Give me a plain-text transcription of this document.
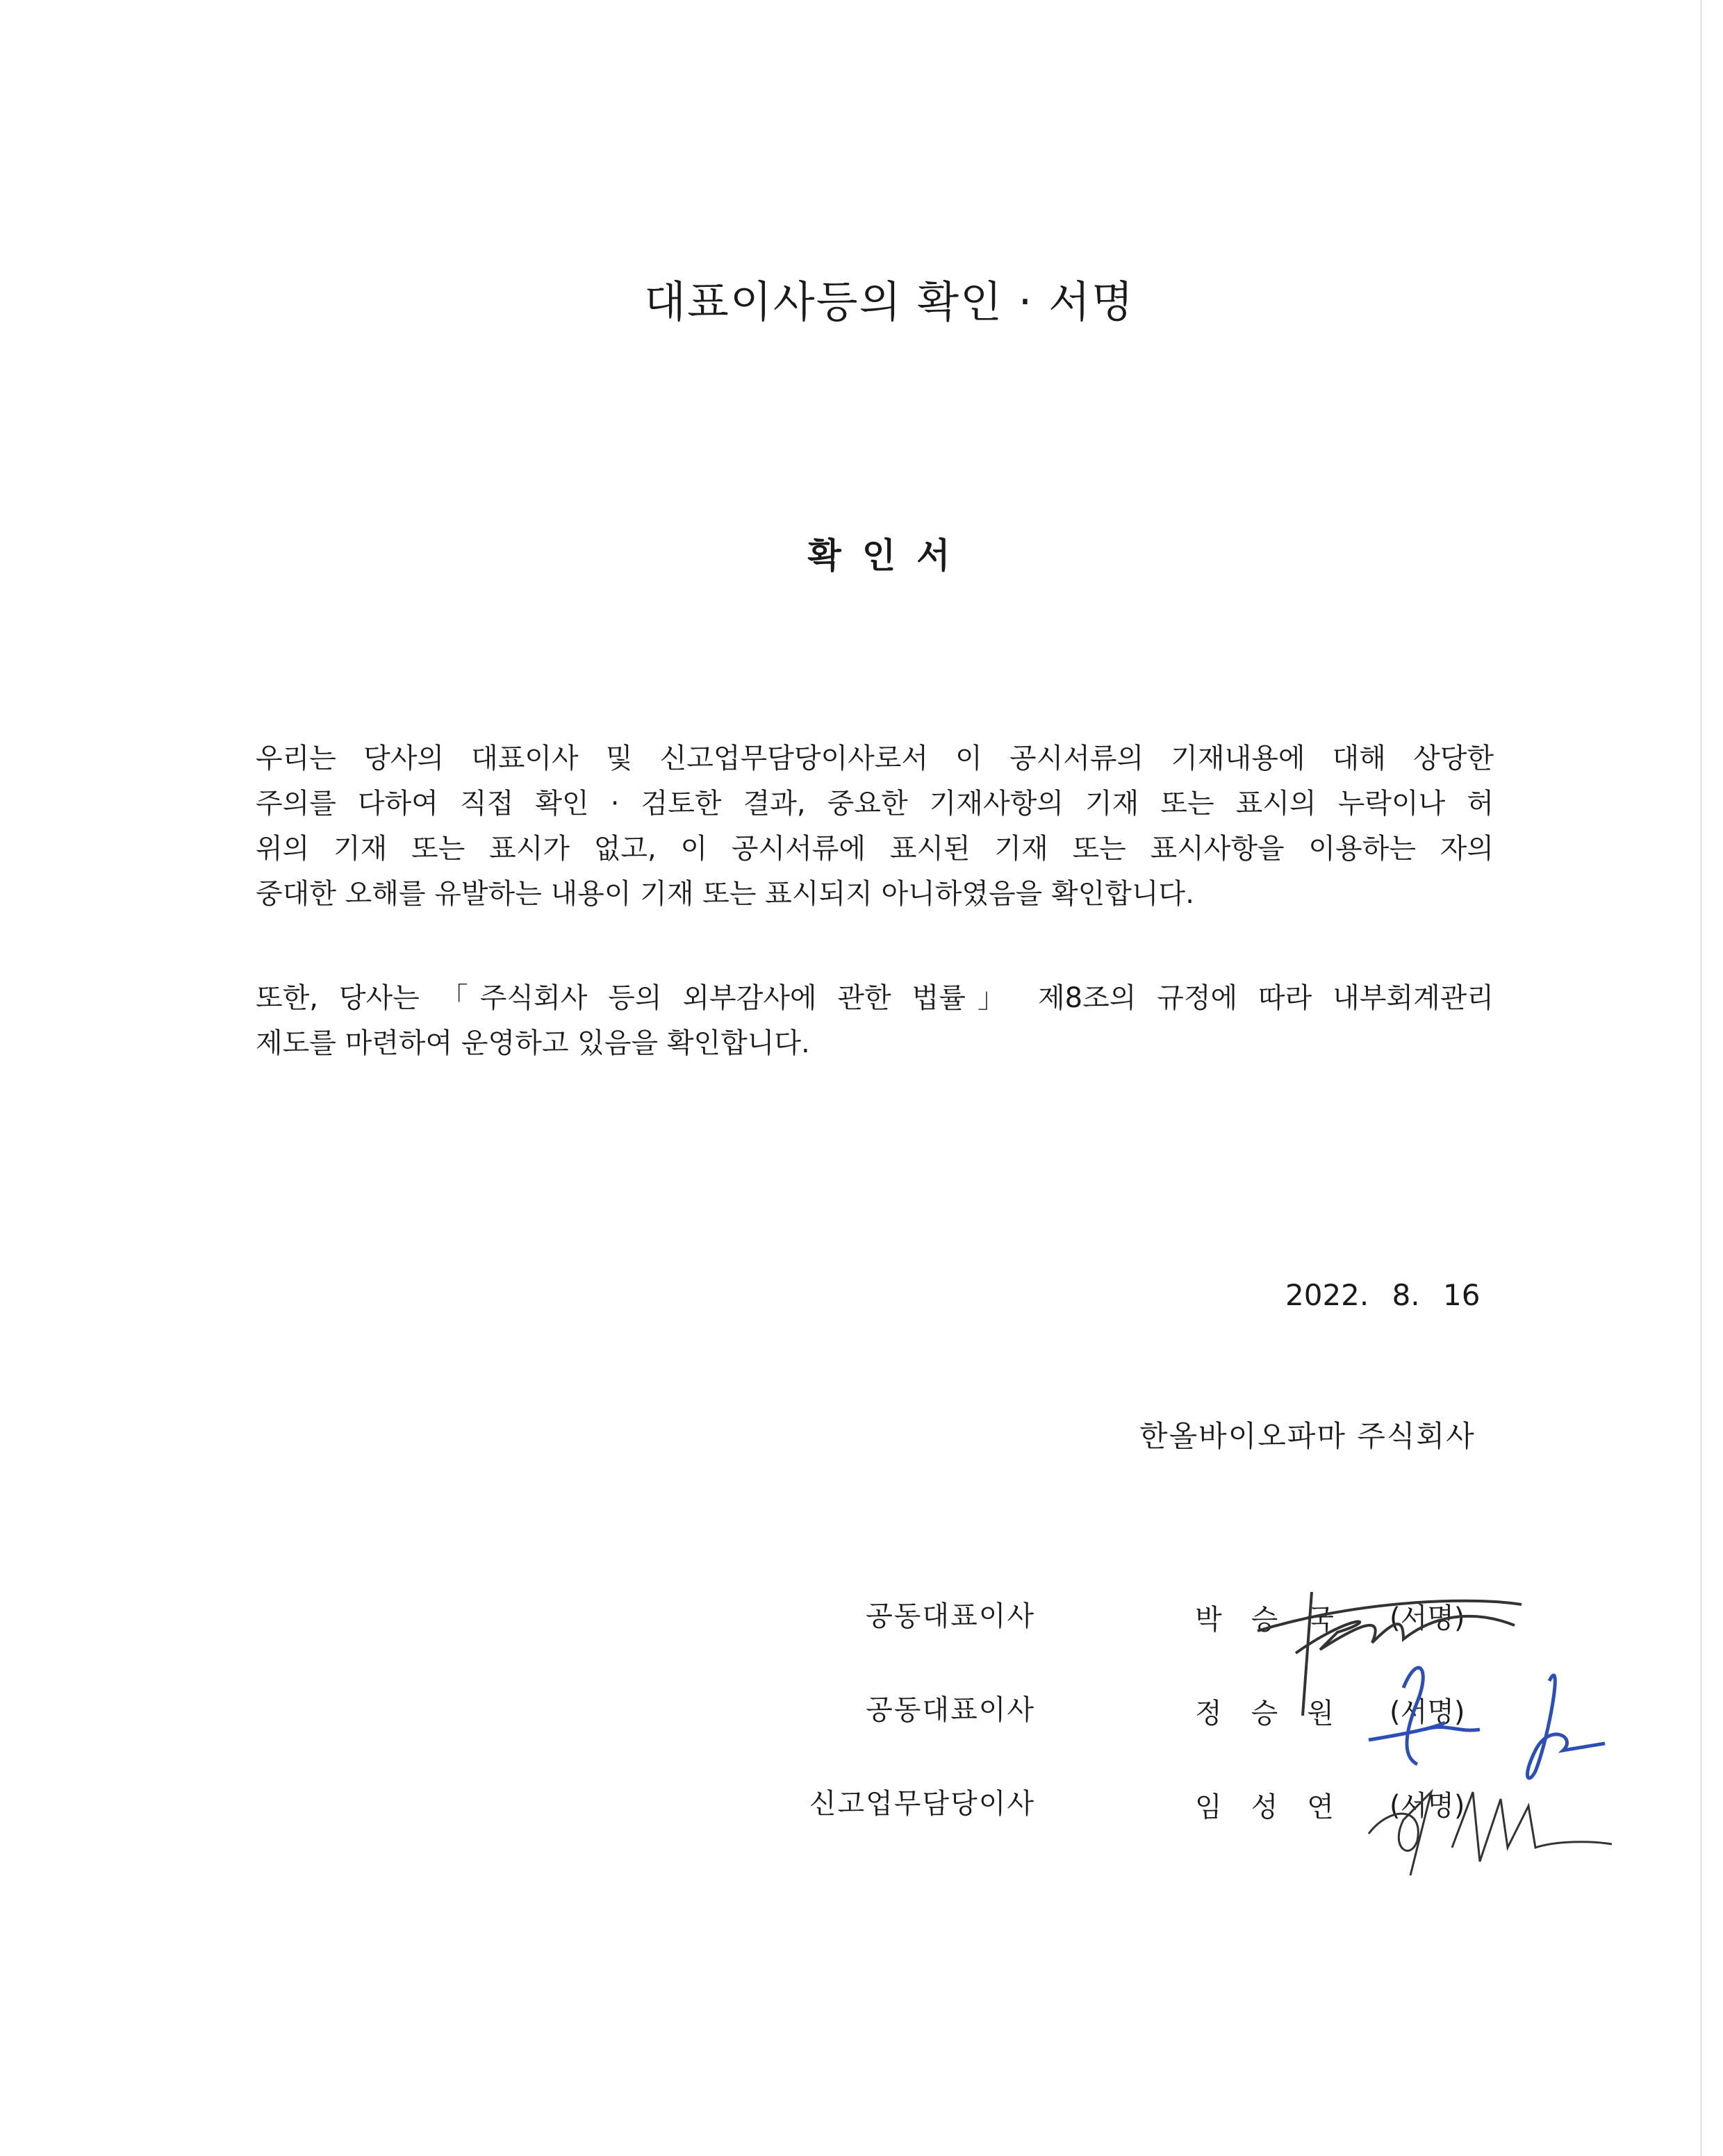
대표이사등의 확인 · 서명
확인서
우리는 당사의 대표이사 및 신고업무담당이사로서 이 공시서류의 기재내용에 대해 상당한
주의를 다하여 직접 확인 · 검토한 결과, 중요한 기재사항의 기재 또는 표시의 누락이나 허
위의 기재 또는 표시가 없고, 이 공시서류에 표시된 기재 또는 표시사항을 이용하는 자의
중대한 오해를 유발하는 내용이 기재 또는 표시되지 아니하였음을 확인합니다.
또한, 당사는 「주식회사 등의 외부감사에 관한 법률」 제8조의 규정에 따라 내부회계관리
제도를 마련하여 운영하고 있음을 확인합니다.
2022. 8. 16
한올바이오파마 주식회사
공동대표이사	박승국 (서명)
공동대표이사	정승원 (서명)
신고업무담당이사	임성연 (서명)
